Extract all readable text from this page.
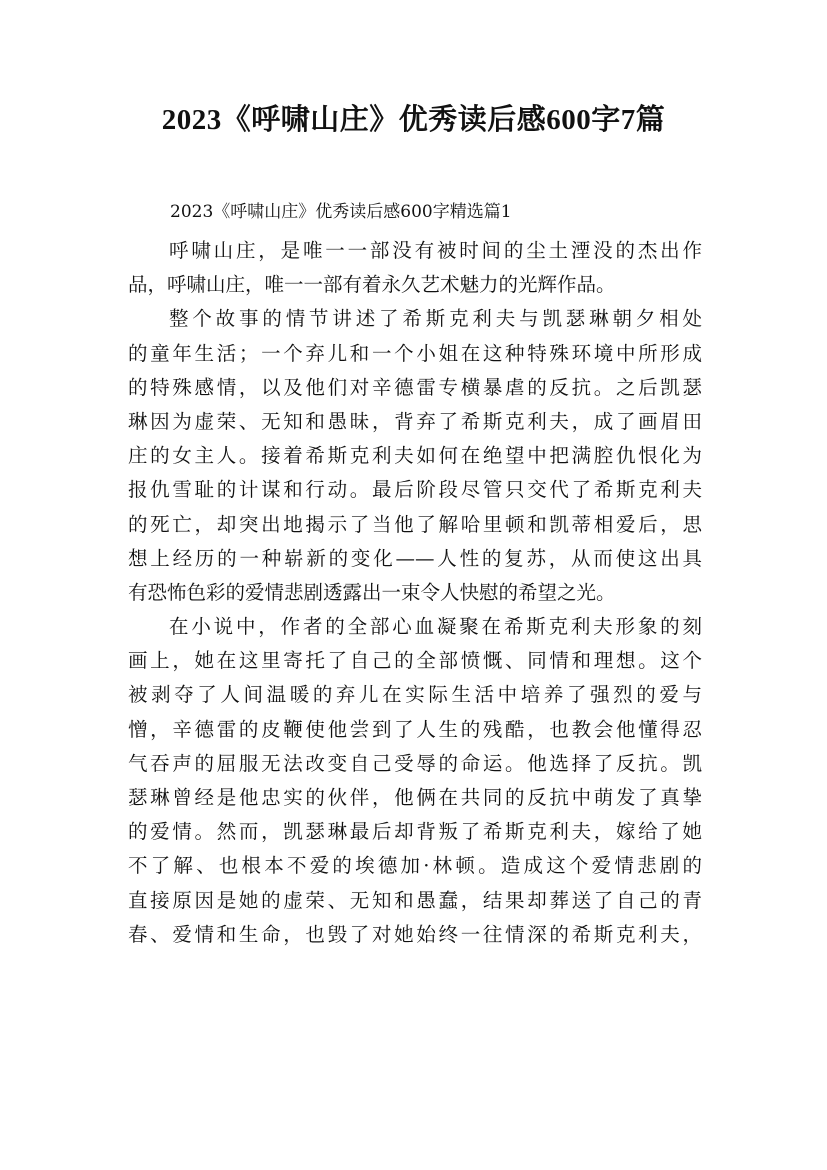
2023《呼啸山庄》优秀读后感600字7篇
2023《呼啸山庄》优秀读后感600字精选篇1
呼啸山庄，是唯一一部没有被时间的尘土湮没的杰出作
品，呼啸山庄，唯一一部有着永久艺术魅力的光辉作品。
整个故事的情节讲述了希斯克利夫与凯瑟琳朝夕相处
的童年生活；一个弃儿和一个小姐在这种特殊环境中所形成
的特殊感情，以及他们对辛德雷专横暴虐的反抗。之后凯瑟
琳因为虚荣、无知和愚昧，背弃了希斯克利夫，成了画眉田
庄的女主人。接着希斯克利夫如何在绝望中把满腔仇恨化为
报仇雪耻的计谋和行动。最后阶段尽管只交代了希斯克利夫
的死亡，却突出地揭示了当他了解哈里顿和凯蒂相爱后，思
想上经历的一种崭新的变化——人性的复苏，从而使这出具
有恐怖色彩的爱情悲剧透露出一束令人快慰的希望之光。
在小说中，作者的全部心血凝聚在希斯克利夫形象的刻
画上，她在这里寄托了自己的全部愤慨、同情和理想。这个
被剥夺了人间温暖的弃儿在实际生活中培养了强烈的爱与
憎，辛德雷的皮鞭使他尝到了人生的残酷，也教会他懂得忍
气吞声的屈服无法改变自己受辱的命运。他选择了反抗。凯
瑟琳曾经是他忠实的伙伴，他俩在共同的反抗中萌发了真挚
的爱情。然而，凯瑟琳最后却背叛了希斯克利夫，嫁给了她
不了解、也根本不爱的埃德加·林顿。造成这个爱情悲剧的
直接原因是她的虚荣、无知和愚蠢，结果却葬送了自己的青
春、爱情和生命，也毁了对她始终一往情深的希斯克利夫，
